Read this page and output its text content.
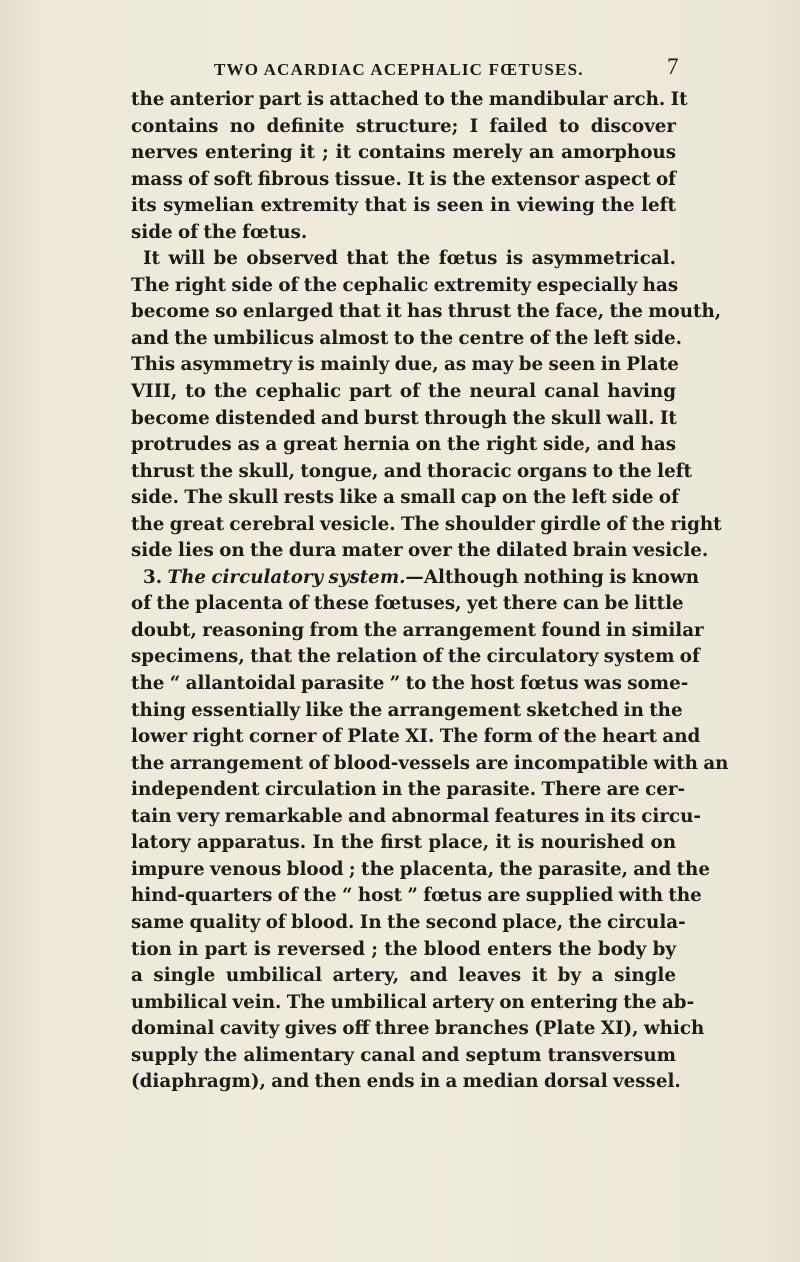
TWO ACARDIAC ACEPHALIC FŒTUSES.	7
the anterior part is attached to the mandibular arch. It
contains no definite structure; I failed to discover
nerves entering it ; it contains merely an amorphous
mass of soft fibrous tissue. It is the extensor aspect of
its symelian extremity that is seen in viewing the left
side of the fœtus.
It will be observed that the fœtus is asymmetrical.
The right side of the cephalic extremity especially has
become so enlarged that it has thrust the face, the mouth,
and the umbilicus almost to the centre of the left side.
This asymmetry is mainly due, as may be seen in Plate
VIII, to the cephalic part of the neural canal having
become distended and burst through the skull wall. It
protrudes as a great hernia on the right side, and has
thrust the skull, tongue, and thoracic organs to the left
side. The skull rests like a small cap on the left side of
the great cerebral vesicle. The shoulder girdle of the right
side lies on the dura mater over the dilated brain vesicle.
3. The circulatory system.—Although nothing is known
of the placenta of these fœtuses, yet there can be little
doubt, reasoning from the arrangement found in similar
specimens, that the relation of the circulatory system of
the “ allantoidal parasite ” to the host fœtus was some-
thing essentially like the arrangement sketched in the
lower right corner of Plate XI. The form of the heart and
the arrangement of blood-vessels are incompatible with an
independent circulation in the parasite. There are cer-
tain very remarkable and abnormal features in its circu-
latory apparatus. In the first place, it is nourished on
impure venous blood ; the placenta, the parasite, and the
hind-quarters of the “ host ” fœtus are supplied with the
same quality of blood. In the second place, the circula-
tion in part is reversed ; the blood enters the body by
a single umbilical artery, and leaves it by a single
umbilical vein. The umbilical artery on entering the ab-
dominal cavity gives off three branches (Plate XI), which
supply the alimentary canal and septum transversum
(diaphragm), and then ends in a median dorsal vessel.
